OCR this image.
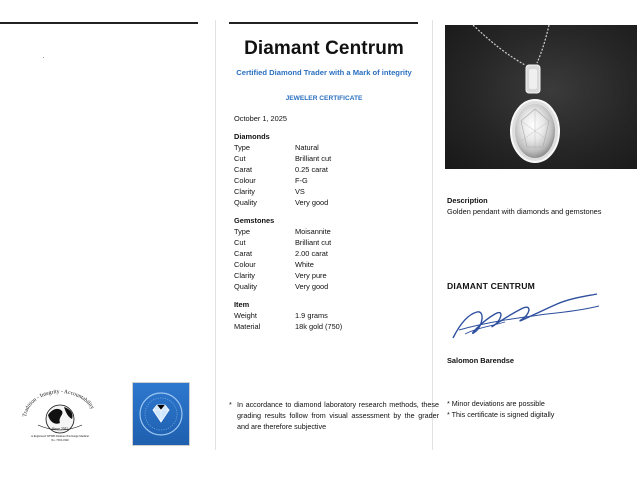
Diamant Centrum
Certified Diamond Trader with a Mark of integrity
JEWELER CERTIFICATE
October 1, 2025
Diamonds
Type	Natural
Cut	Brilliant cut
Carat	0.25 carat
Colour	F-G
Clarity	VS
Quality	Very good
Gemstones
Type	Moisannite
Cut	Brilliant cut
Carat	2.00 carat
Colour	White
Clarity	Very pure
Quality	Very good
Item
Weight	1.9 grams
Material	18k gold (750)
Description
Golden pendant with diamonds and gemstones
DIAMANT CENTRUM
Salomon Barendse
Tradition - Integrity - Accountability
Since 2011
A Registered WFDB Diamond Exchange Member
No. 7363-0340
* In accordance to diamond laboratory research methods, these grading results follow from visual assessment by the grader and are therefore subjective
* Minor deviations are possible
* This certificate is signed digitally
